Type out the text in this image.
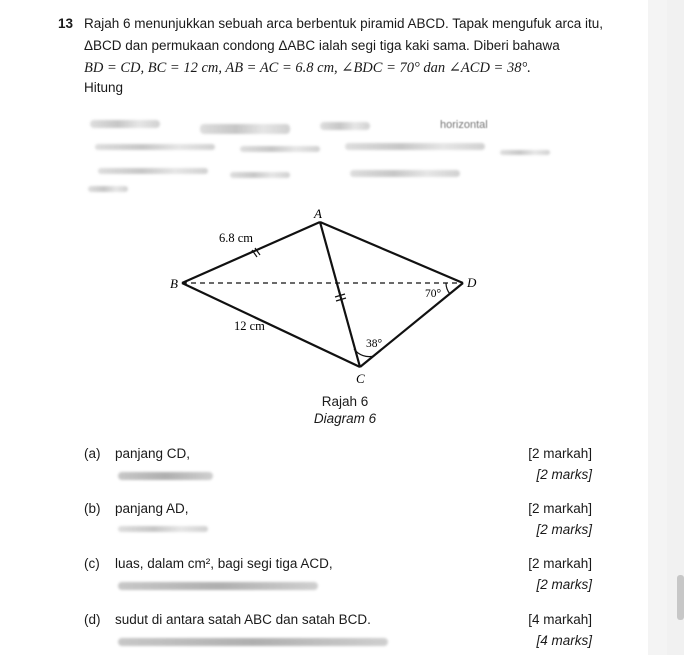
13 Rajah 6 menunjukkan sebuah arca berbentuk piramid ABCD. Tapak mengufuk arca itu,
ΔBCD dan permukaan condong ΔABC ialah segi tiga kaki sama. Diberi bahawa
BD = CD, BC = 12 cm, AB = AC = 6.8 cm, ∠BDC = 70° dan ∠ACD = 38°.
Hitung
horizontal
A
B
C
D
6.8 cm
12 cm
70°
38°
Rajah 6
Diagram 6
(a) panjang CD,	[2 markah]
[2 marks]
(b) panjang AD,	[2 markah]
[2 marks]
(c) luas, dalam cm², bagi segi tiga ACD,	[2 markah]
[2 marks]
(d) sudut di antara satah ABC dan satah BCD.	[4 markah]
[4 marks]
